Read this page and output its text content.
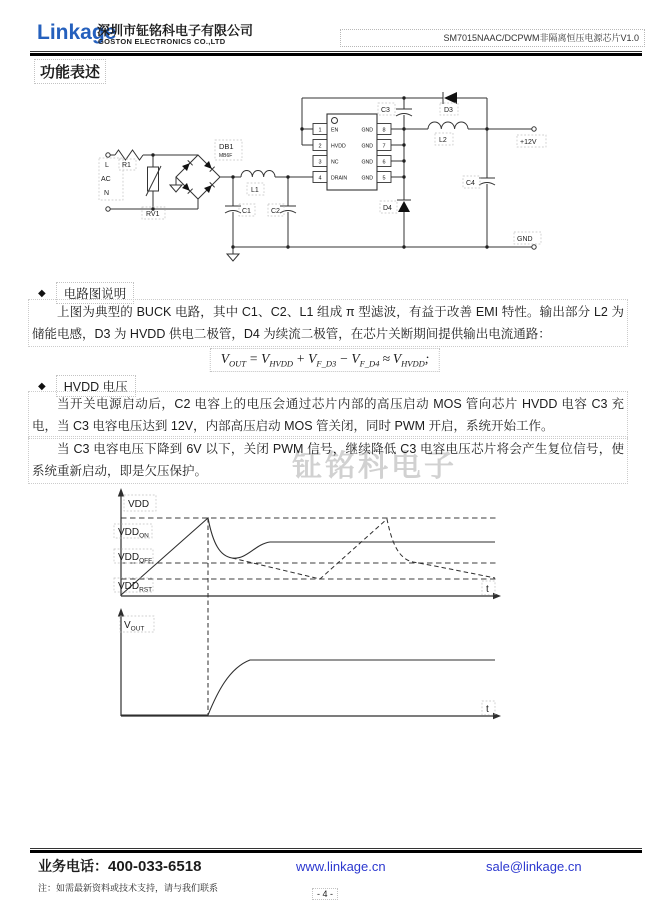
Linkage
深圳市钲铭科电子有限公司
GOSTON ELECTRONICS CO.,LTD	SM7015NAAC/DCPWM非隔离恒压电源芯片V1.0
功能表述
L
AC
N
R1
RV1
DB1
MB6F
L1
C1	C2
1 EN
2 HVDD
3 NC
4 DRAIN
8
GND
7
GND
6
GND
5
GND
C3	D3
L2	+12V
C4
D4
GND
◆	电路图说明
上图为典型的 BUCK 电路，其中 C1、C2、L1 组成 π 型滤波，有益于改善 EMI 特性。输出部分 L2 为储能电感，D3 为 HVDD 供电二极管，D4 为续流二极管，在芯片关断期间提供输出电流通路：
$V_{OUT} = V_{HVDD} + V_{F\_D3} - V_{F\_D4} \approx V_{HVDD}$;
◆	HVDD 电压
钲铭科电子
当开关电源启动后，C2 电容上的电压会通过芯片内部的高压启动 MOS 管向芯片 HVDD 电容 C3 充电，当 C3 电容电压达到 12V，内部高压启动 MOS 管关闭，同时 PWM 开启，系统开始工作。
当 C3 电容电压下降到 6V 以下，关闭 PWM 信号，继续降低 C3 电容电压芯片将会产生复位信号，使系统重新启动，即是欠压保护。
VDD
$VDD_{ON}$
$VDD_{OFF}$
$VDD_{RST}$	t
$V_{OUT}$
t
业务电话：400-033-6518
注：如需最新资料或技术支持，请与我们联系
www.linkage.cn	sale@linkage.cn
- 4 -
